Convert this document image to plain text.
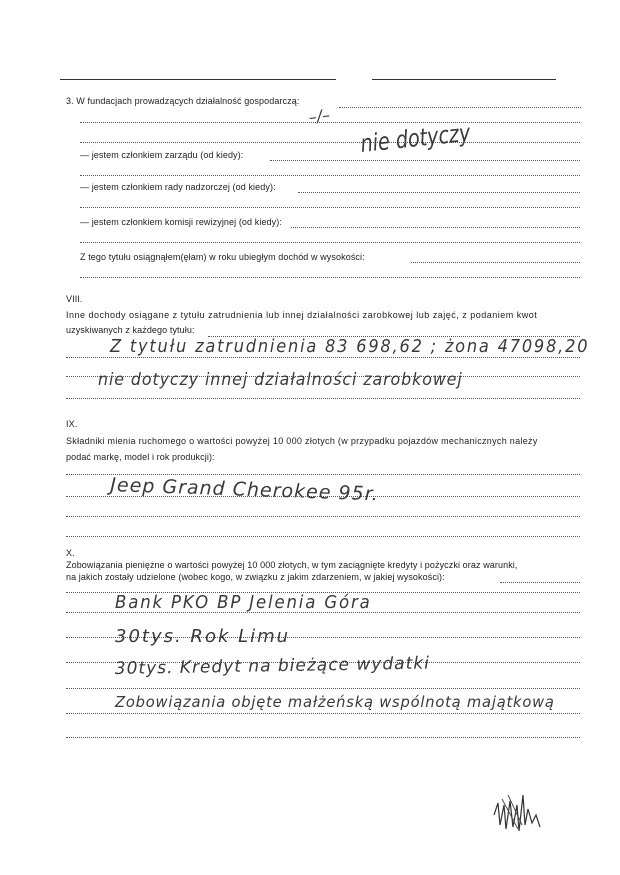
3. W fundacjach prowadzących działalność gospodarczą:
— jestem członkiem zarządu (od kiedy):
— jestem członkiem rady nadzorczej (od kiedy):
— jestem członkiem komisji rewizyjnej (od kiedy):
Z tego tytułu osiągnąłem(ęłam) w roku ubiegłym dochód w wysokości:
–/–
nie dotyczy
VIII.
Inne dochody osiągane z tytułu zatrudnienia lub innej działalności zarobkowej lub zajęć, z podaniem kwot
uzyskiwanych z każdego tytułu:
Z tytułu zatrudnienia 83 698,62 ; żona 47098,20
nie dotyczy innej działalności zarobkowej
IX.
Składniki mienia ruchomego o wartości powyżej 10 000 złotych (w przypadku pojazdów mechanicznych należy
podać markę, model i rok produkcji):
Jeep Grand Cherokee 95r.
X.
Zobowiązania pieniężne o wartości powyżej 10 000 złotych, w tym zaciągnięte kredyty i pożyczki oraz warunki,
na jakich zostały udzielone (wobec kogo, w związku z jakim zdarzeniem, w jakiej wysokości):
Bank PKO BP Jelenia Góra
30tys. Rok Limu
30tys. Kredyt na bieżące wydatki
Zobowiązania objęte małżeńską wspólnotą majątkową
